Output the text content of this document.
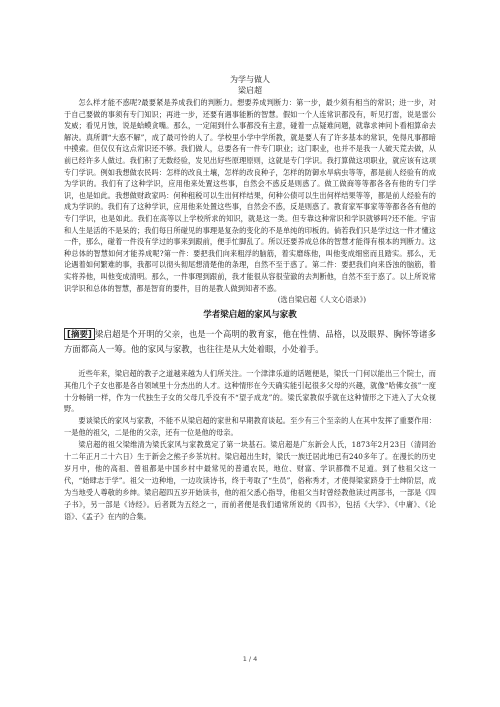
为学与做人

梁启超

怎么样才能不惑呢?最要紧是养成我们的判断力。想要养成判断力：第一步，最少须有相当的常识；进一步，对于自己要做的事须有专门知识；再进一步，还要有遇事能断的智慧。假如一个人连常识都没有，听见打雷，说是雷公发威；看见月蚀，说是蛤蟆贪嘴。那么，一定闹到什么事都没有主意，碰着一点疑难问题，就靠求神问卜看相算命去解决。真所谓“大惑不解”，成了最可怜的人了。学校里小学中学所教，就是要人有了许多基本的常识，免得凡事都暗中摸索。但仅仅有这点常识还不够。我们做人，总要各有一件专门职业；这门职业，也并不是我一人破天荒去做，从前已经许多人做过。我们积了无数经验，发见出好些原理原则，这就是专门学识。我打算做这项职业，就应该有这项专门学识。例如我想做农民吗：怎样的改良土壤，怎样的改良种子，怎样的防御水旱病虫等等，都是前人经验有的成为学识的。我们有了这种学识，应用他来处置这些事，自然会不惑反是则惑了。做工做商等等都各各有他的专门学识，也是如此。我想做财政家吗：何种租税可以生出何样结果，何种公债可以生出何样结果等等，都是前人经验有的成为学识的。我们有了这种学识，应用他来处置这些事，自然会不惑，反是则惑了。教育家军事家等等都各各有他的专门学识，也是如此。我们在高等以上学校所求的知识，就是这一类。但专靠这种常识和学识就够吗?还不能。宇宙和人生是活的不是呆的；我们每日所碰见的事理是复杂的变化的不是单纯的印板的。倘若我们只是学过这一件才懂这一件，那么，碰着一件没有学过的事来到跟前，便手忙脚乱了。所以还要养成总体的智慧才能得有根本的判断力。这种总体的智慧如何才能养成呢?第一件：要把我们向来粗浮的脑筋，着实磨练他，叫他变成细密而且踏实。那么，无论遇着如何繁难的事，我都可以彻头彻尾想清楚他的条理，自然不至于惑了。第二件：要把我们向来昏浊的脑筋，着实将养他，叫他变成清明。那么，一件事理到跟前，我才能很从容很莹澈的去判断他，自然不至于惑了。以上所说常识学识和总体的智慧，都是智育的要件，目的是教人做到知者不惑。

(选自梁启超《人文心语录》)

学者梁启超的家风与家教

[摘要] 梁启超是个开明的父亲，也是一个高明的教育家，他在性情、品格，以及眼界、胸怀等诸多方面都高人一筹。他的家风与家教，也往往是从大处着眼，小处着手。

近些年来，梁启超的教子之道越来越为人们所关注。一个津津乐道的话题便是，梁氏一门何以能出三个院士，而其他几个子女也都是各自领域里十分杰出的人才。这种情形在今天确实能引起很多父母的兴趣，就像“哈佛女孩”一度十分畅销一样，作为一代独生子女的父母几乎没有不“望子成龙”的。梁氏家教似乎就在这种情形之下进入了大众视野。

要谈梁氏的家风与家教，不能不从梁启超的家世和早期教育谈起。至少有三个至亲的人在其中发挥了重要作用：一是他的祖父，二是他的父亲，还有一位是他的母亲。

梁启超的祖父梁维清为梁氏家风与家教奠定了第一块基石。梁启超是广东新会人氏，1873年2月23日（清同治十二年正月二十六日）生于新会之熊子乡茶坑村。梁启超出生时，梁氏一族迁居此地已有240多年了。在漫长的历史岁月中，他的高祖、曾祖都是中国乡村中最常见的普通农民，地位、财富、学识都微不足道。到了他祖父这一代，“始肆志于学”。祖父一边种地，一边攻读诗书，终于考取了“生员”，俗称秀才，才使得梁家跻身于士绅阶层，成为当地受人尊敬的乡绅。梁启超四五岁开始读书，他的祖父悉心指导，他祖父当时曾经教他读过两部书，一部是《四子书》，另一部是《诗经》。后者既为五经之一，而前者便是我们通常所说的《四书》，包括《大学》、《中庸》、《论语》、《孟子》在内的合集。

1 / 4
